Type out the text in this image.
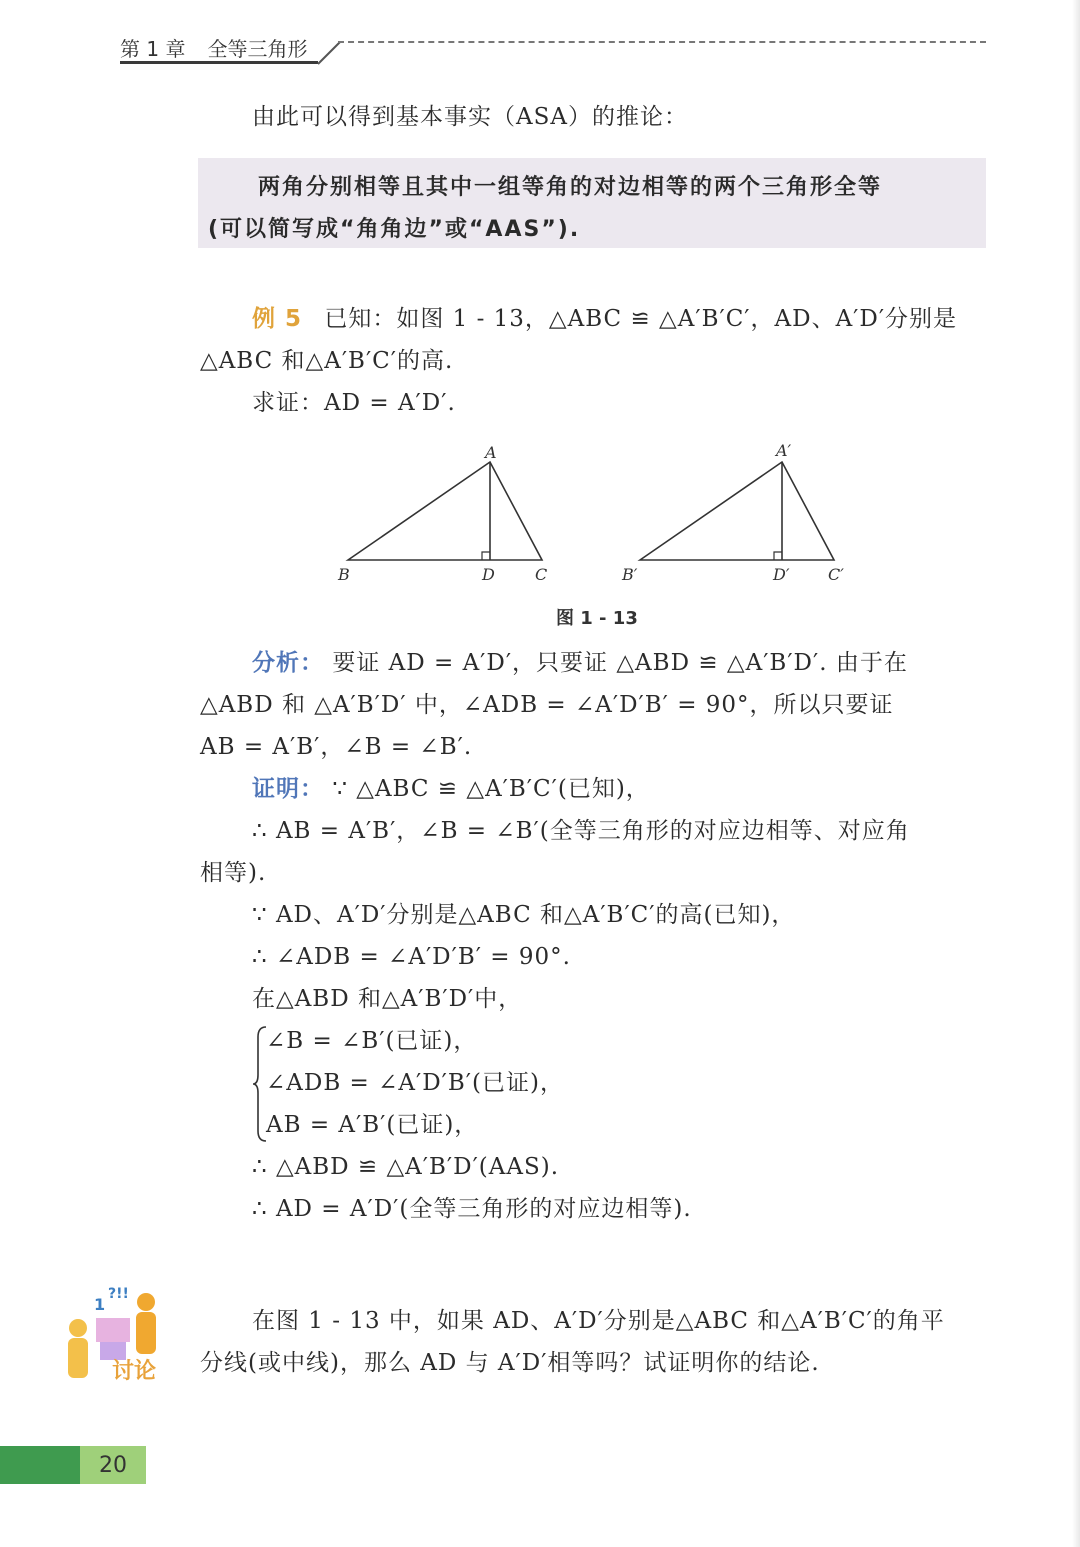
第 1 章 全等三角形
由此可以得到基本事实（ASA）的推论：
两角分别相等且其中一组等角的对边相等的两个三角形全等
(可以简写成“角角边”或“AAS”).
例 5 已知：如图 1 - 13，△ABC ≌ △A′B′C′，AD、A′D′分别是
△ABC 和△A′B′C′的高.
求证：AD = A′D′.
A
B	D	C
A′
B′	D′ C′
图 1 - 13
分析： 要证 AD = A′D′，只要证 △ABD ≌ △A′B′D′. 由于在
△ABD 和 △A′B′D′ 中，∠ADB = ∠A′D′B′ = 90°，所以只要证
AB = A′B′，∠B = ∠B′.
证明： ∵ △ABC ≌ △A′B′C′(已知)，
∴ AB = A′B′，∠B = ∠B′(全等三角形的对应边相等、对应角
相等).
∵ AD、A′D′分别是△ABC 和△A′B′C′的高(已知)，
∴ ∠ADB = ∠A′D′B′ = 90°.
在△ABD 和△A′B′D′中，
∠B = ∠B′(已证)，
∠ADB = ∠A′D′B′(已证)，
AB = A′B′(已证)，
∴ △ABD ≌ △A′B′D′(AAS).
∴ AD = A′D′(全等三角形的对应边相等).
1
?!!
讨论
在图 1 - 13 中，如果 AD、A′D′分别是△ABC 和△A′B′C′的角平
分线(或中线)，那么 AD 与 A′D′相等吗？试证明你的结论.
20
